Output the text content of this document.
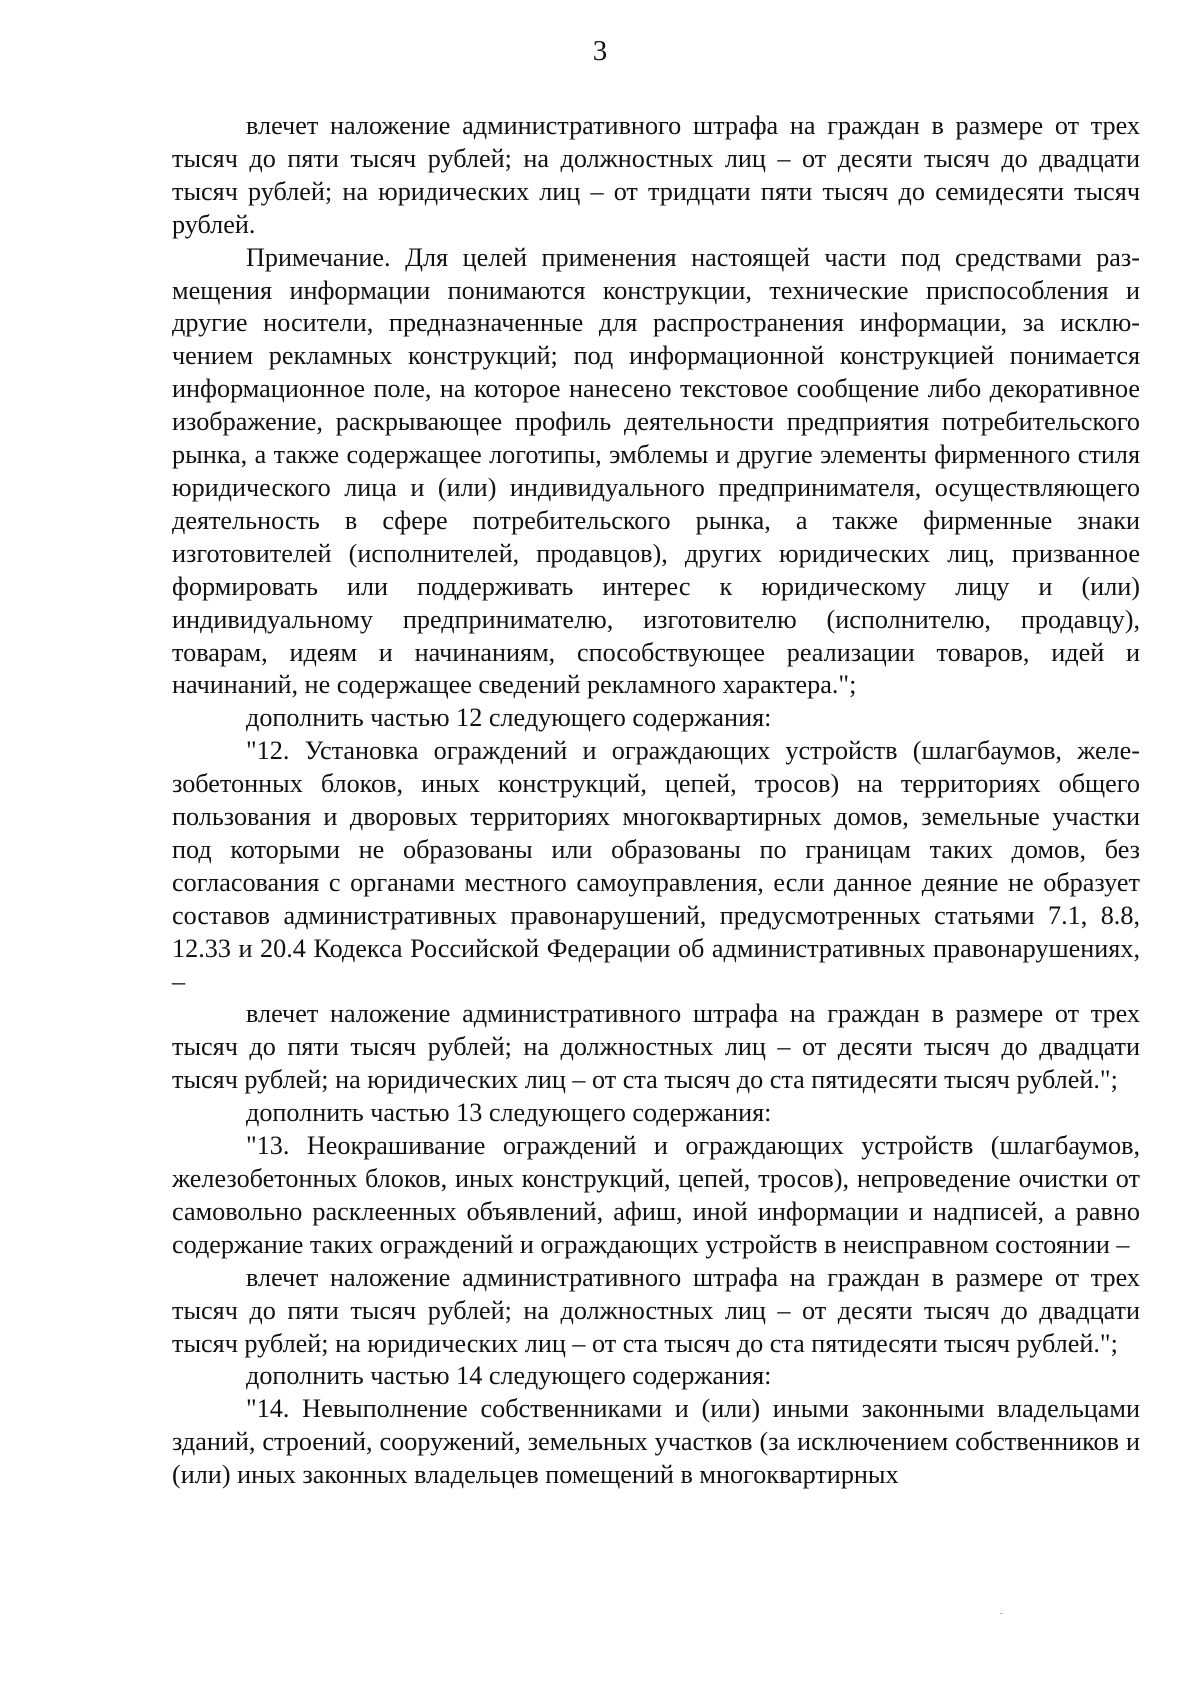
3

влечет наложение административного штрафа на граждан в размере от трех тысяч до пяти тысяч рублей; на должностных лиц – от десяти тысяч до двадцати тысяч рублей; на юридических лиц – от тридцати пяти тысяч до семидесяти тысяч рублей.

Примечание. Для целей применения настоящей части под средствами размещения информации понимаются конструкции, технические приспособления и другие носители, предназначенные для распространения информации, за исключением рекламных конструкций; под информационной конструкцией понимается информационное поле, на которое нанесено текстовое сообщение либо декоративное изображение, раскрывающее профиль деятельности предприятия потребительского рынка, а также содержащее логотипы, эмблемы и другие элементы фирменного стиля юридического лица и (или) индивидуального предпринимателя, осуществляющего деятельность в сфере потребительского рынка, а также фирменные знаки изготовителей (исполнителей, продавцов), других юридических лиц, призванное формировать или поддерживать интерес к юридическому лицу и (или) индивидуальному предпринимателю, изготовителю (исполнителю, продавцу), товарам, идеям и начинаниям, способствующее реализации товаров, идей и начинаний, не содержащее сведений рекламного характера.";

дополнить частью 12 следующего содержания:

"12. Установка ограждений и ограждающих устройств (шлагбаумов, железобетонных блоков, иных конструкций, цепей, тросов) на территориях общего пользования и дворовых территориях многоквартирных домов, земельные участки под которыми не образованы или образованы по границам таких домов, без согласования с органами местного самоуправления, если данное деяние не образует составов административных правонарушений, предусмотренных статьями 7.1, 8.8, 12.33 и 20.4 Кодекса Российской Федерации об административных правонарушениях, –

влечет наложение административного штрафа на граждан в размере от трех тысяч до пяти тысяч рублей; на должностных лиц – от десяти тысяч до двадцати тысяч рублей; на юридических лиц – от ста тысяч до ста пятидесяти тысяч рублей.";

дополнить частью 13 следующего содержания:

"13. Неокрашивание ограждений и ограждающих устройств (шлагбаумов, железобетонных блоков, иных конструкций, цепей, тросов), непроведение очистки от самовольно расклеенных объявлений, афиш, иной информации и надписей, а равно содержание таких ограждений и ограждающих устройств в неисправном состоянии –

влечет наложение административного штрафа на граждан в размере от трех тысяч до пяти тысяч рублей; на должностных лиц – от десяти тысяч до двадцати тысяч рублей; на юридических лиц – от ста тысяч до ста пятидесяти тысяч рублей.";

дополнить частью 14 следующего содержания:

"14. Невыполнение собственниками и (или) иными законными владельцами зданий, строений, сооружений, земельных участков (за исключением собственников и (или) иных законных владельцев помещений в многоквартирных
